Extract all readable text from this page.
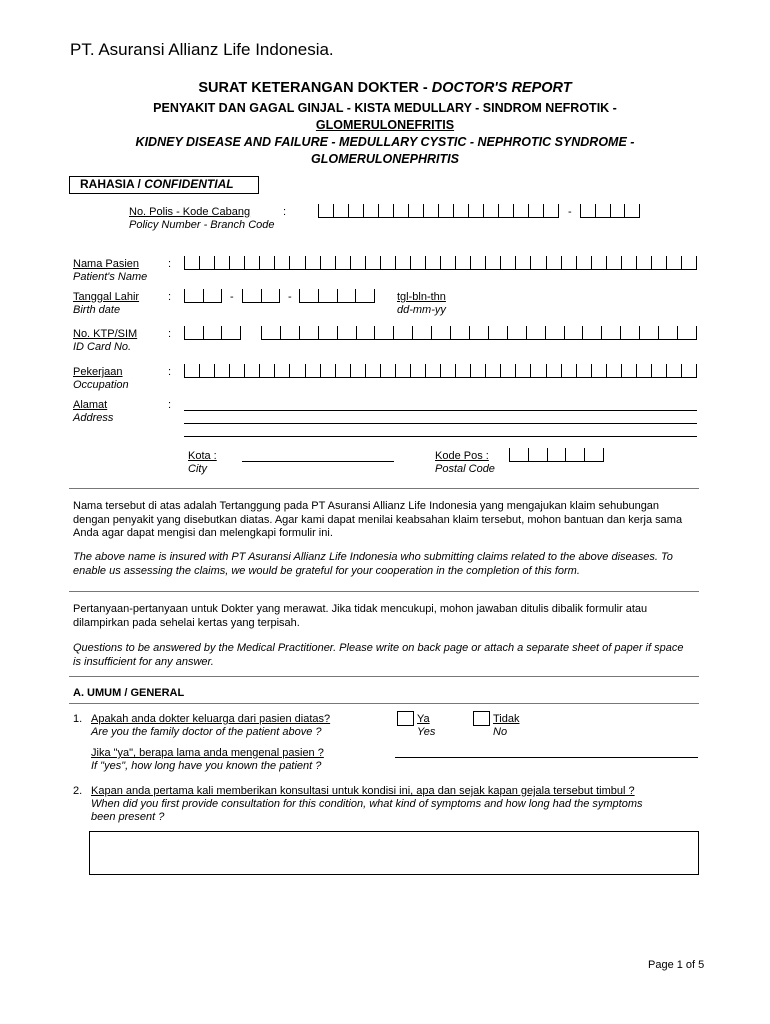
PT. Asuransi Allianz Life Indonesia.
SURAT KETERANGAN DOKTER - DOCTOR'S REPORT
PENYAKIT DAN GAGAL GINJAL - KISTA MEDULLARY - SINDROM NEFROTIK -
GLOMERULONEFRITIS
KIDNEY DISEASE AND FAILURE - MEDULLARY CYSTIC - NEPHROTIC SYNDROME -
GLOMERULONEPHRITIS
RAHASIA / CONFIDENTIAL
No. Polis - Kode Cabang
Policy Number - Branch Code
:	-
Nama Pasien
Patient's Name
:
Tanggal Lahir
Birth date
:	-	-	tgl-bln-thn
dd-mm-yy
No. KTP/SIM
ID Card No.
:
Pekerjaan
Occupation
:
Alamat
Address
:
Kota :
City
Kode Pos :
Postal Code
Nama tersebut di atas adalah Tertanggung pada PT Asuransi Allianz Life Indonesia yang mengajukan klaim sehubungan dengan penyakit yang disebutkan diatas. Agar kami dapat menilai keabsahan klaim tersebut, mohon bantuan dan kerja sama Anda agar dapat mengisi dan melengkapi formulir ini.
The above name is insured with PT Asuransi Allianz Life Indonesia who submitting claims related to the above diseases. To enable us assessing the claims, we would be grateful for your cooperation in the completion of this form.
Pertanyaan-pertanyaan untuk Dokter yang merawat. Jika tidak mencukupi, mohon jawaban ditulis dibalik formulir atau dilampirkan pada sehelai kertas yang terpisah.
Questions to be answered by the Medical Practitioner. Please write on back page or attach a separate sheet of paper if space is insufficient for any answer.
A. UMUM / GENERAL
1. Apakah anda dokter keluarga dari pasien diatas?
Are you the family doctor of the patient above ?
Ya
Yes
Tidak
No
Jika "ya", berapa lama anda mengenal pasien ?
If "yes", how long have you known the patient ?
2. Kapan anda pertama kali memberikan konsultasi untuk kondisi ini, apa dan sejak kapan gejala tersebut timbul ?
When did you first provide consultation for this condition, what kind of symptoms and how long had the symptoms been present ?
Page 1 of 5
